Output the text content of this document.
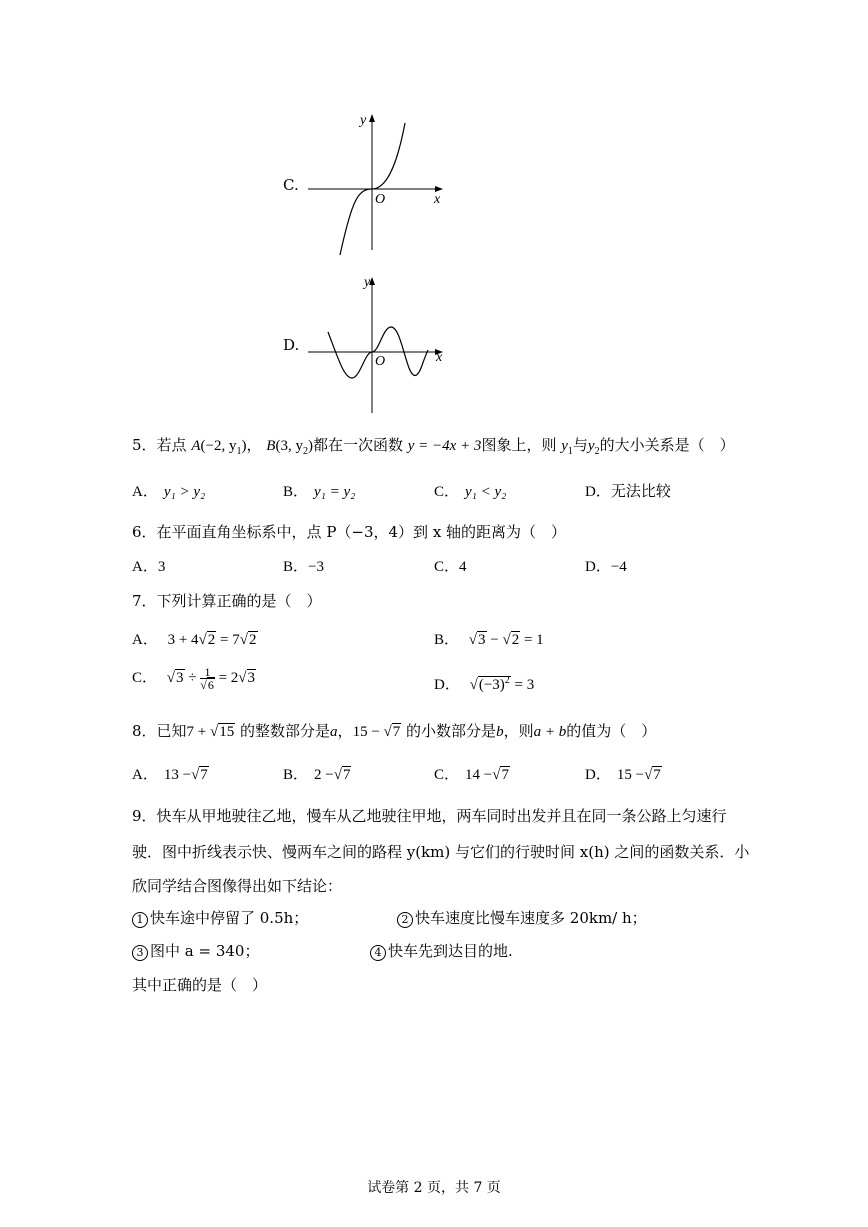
C.
y
x
O
D.
y
x
O
5．若点 A(−2, $y_1$)， B(3, $y_2$)都在一次函数 y = −4x + 3图象上，则 $y_1$与$y_2$的大小关系是（　）
A． y₁ > y₂	B． y₁ = y₂	C． y₁ < y₂	D．无法比较
6．在平面直角坐标系中，点 P（−3，4）到 x 轴的距离为（　）
A．3	B．−3	C．4	D．−4
7．下列计算正确的是（　）
A． 3 + 4√2 = 7√2	B． √3 − √2 = 1
C． $√3 \div \frac{1}{√6} = 2√3$	D． $√(-3)^2 = 3$
8．已知7 + √15 的整数部分是a，15 − √7 的小数部分是b，则a + b的值为（　）
A． 13 −√7	B． 2 −√7	C． 14 −√7	D． 15 −√7
9．快车从甲地驶往乙地，慢车从乙地驶往甲地，两车同时出发并且在同一条公路上匀速行
驶．图中折线表示快、慢两车之间的路程 y(km) 与它们的行驶时间 x(h) 之间的函数关系．小
欣同学结合图像得出如下结论：
1 快车途中停留了 0.5h；	2 快车速度比慢车速度多 20km/ h；
3 图中 a = 340；	4 快车先到达目的地.
其中正确的是（　）
试卷第 2 页，共 7 页
